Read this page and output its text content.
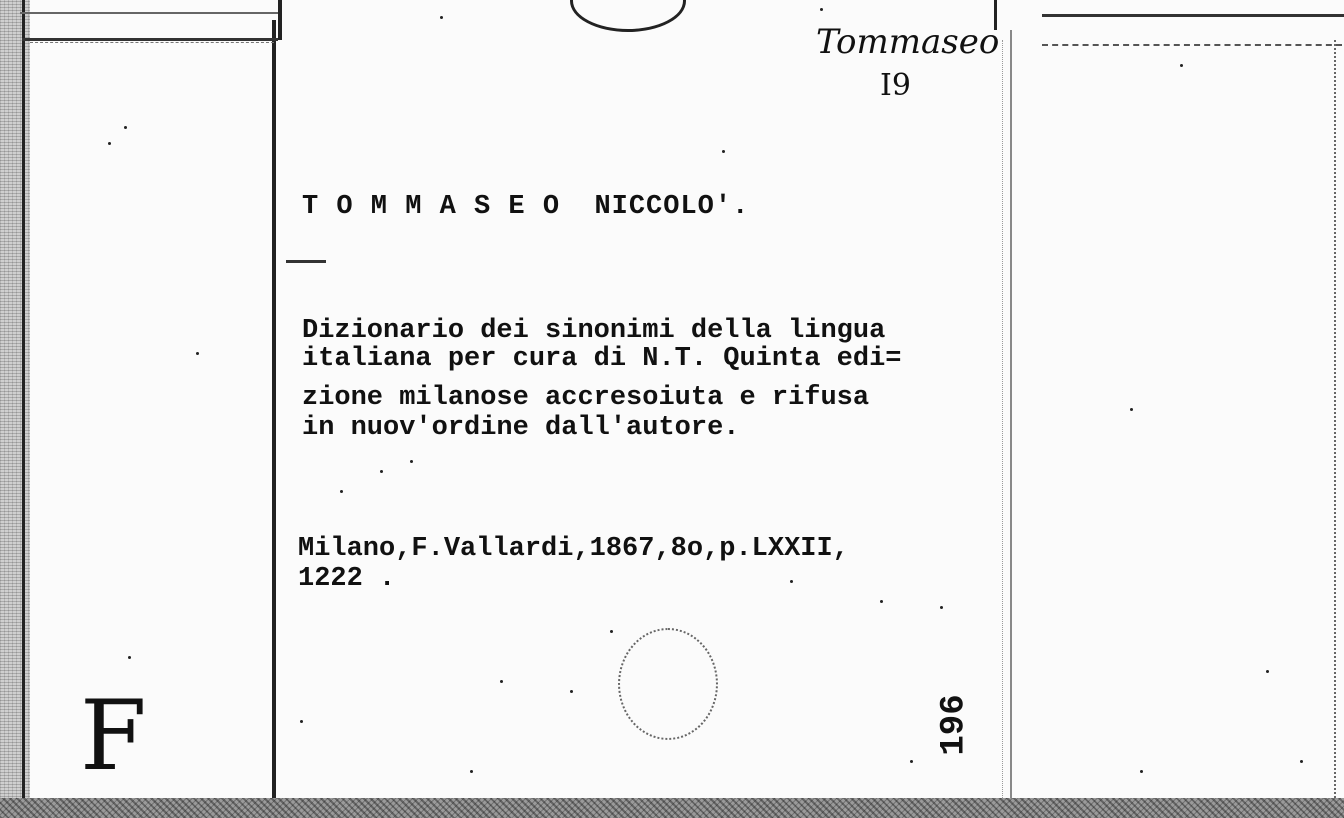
Tommaseo
I9
T O M M A S E O  NICCOLO'.
Dizionario dei sinonimi della lingua
italiana per cura di N.T. Quinta edi=
zione milanose accresoiuta e rifusa
in nuov'ordine dall'autore.
Milano,F.Vallardi,1867,8o,p.LXXII,
1222 .
F	196
